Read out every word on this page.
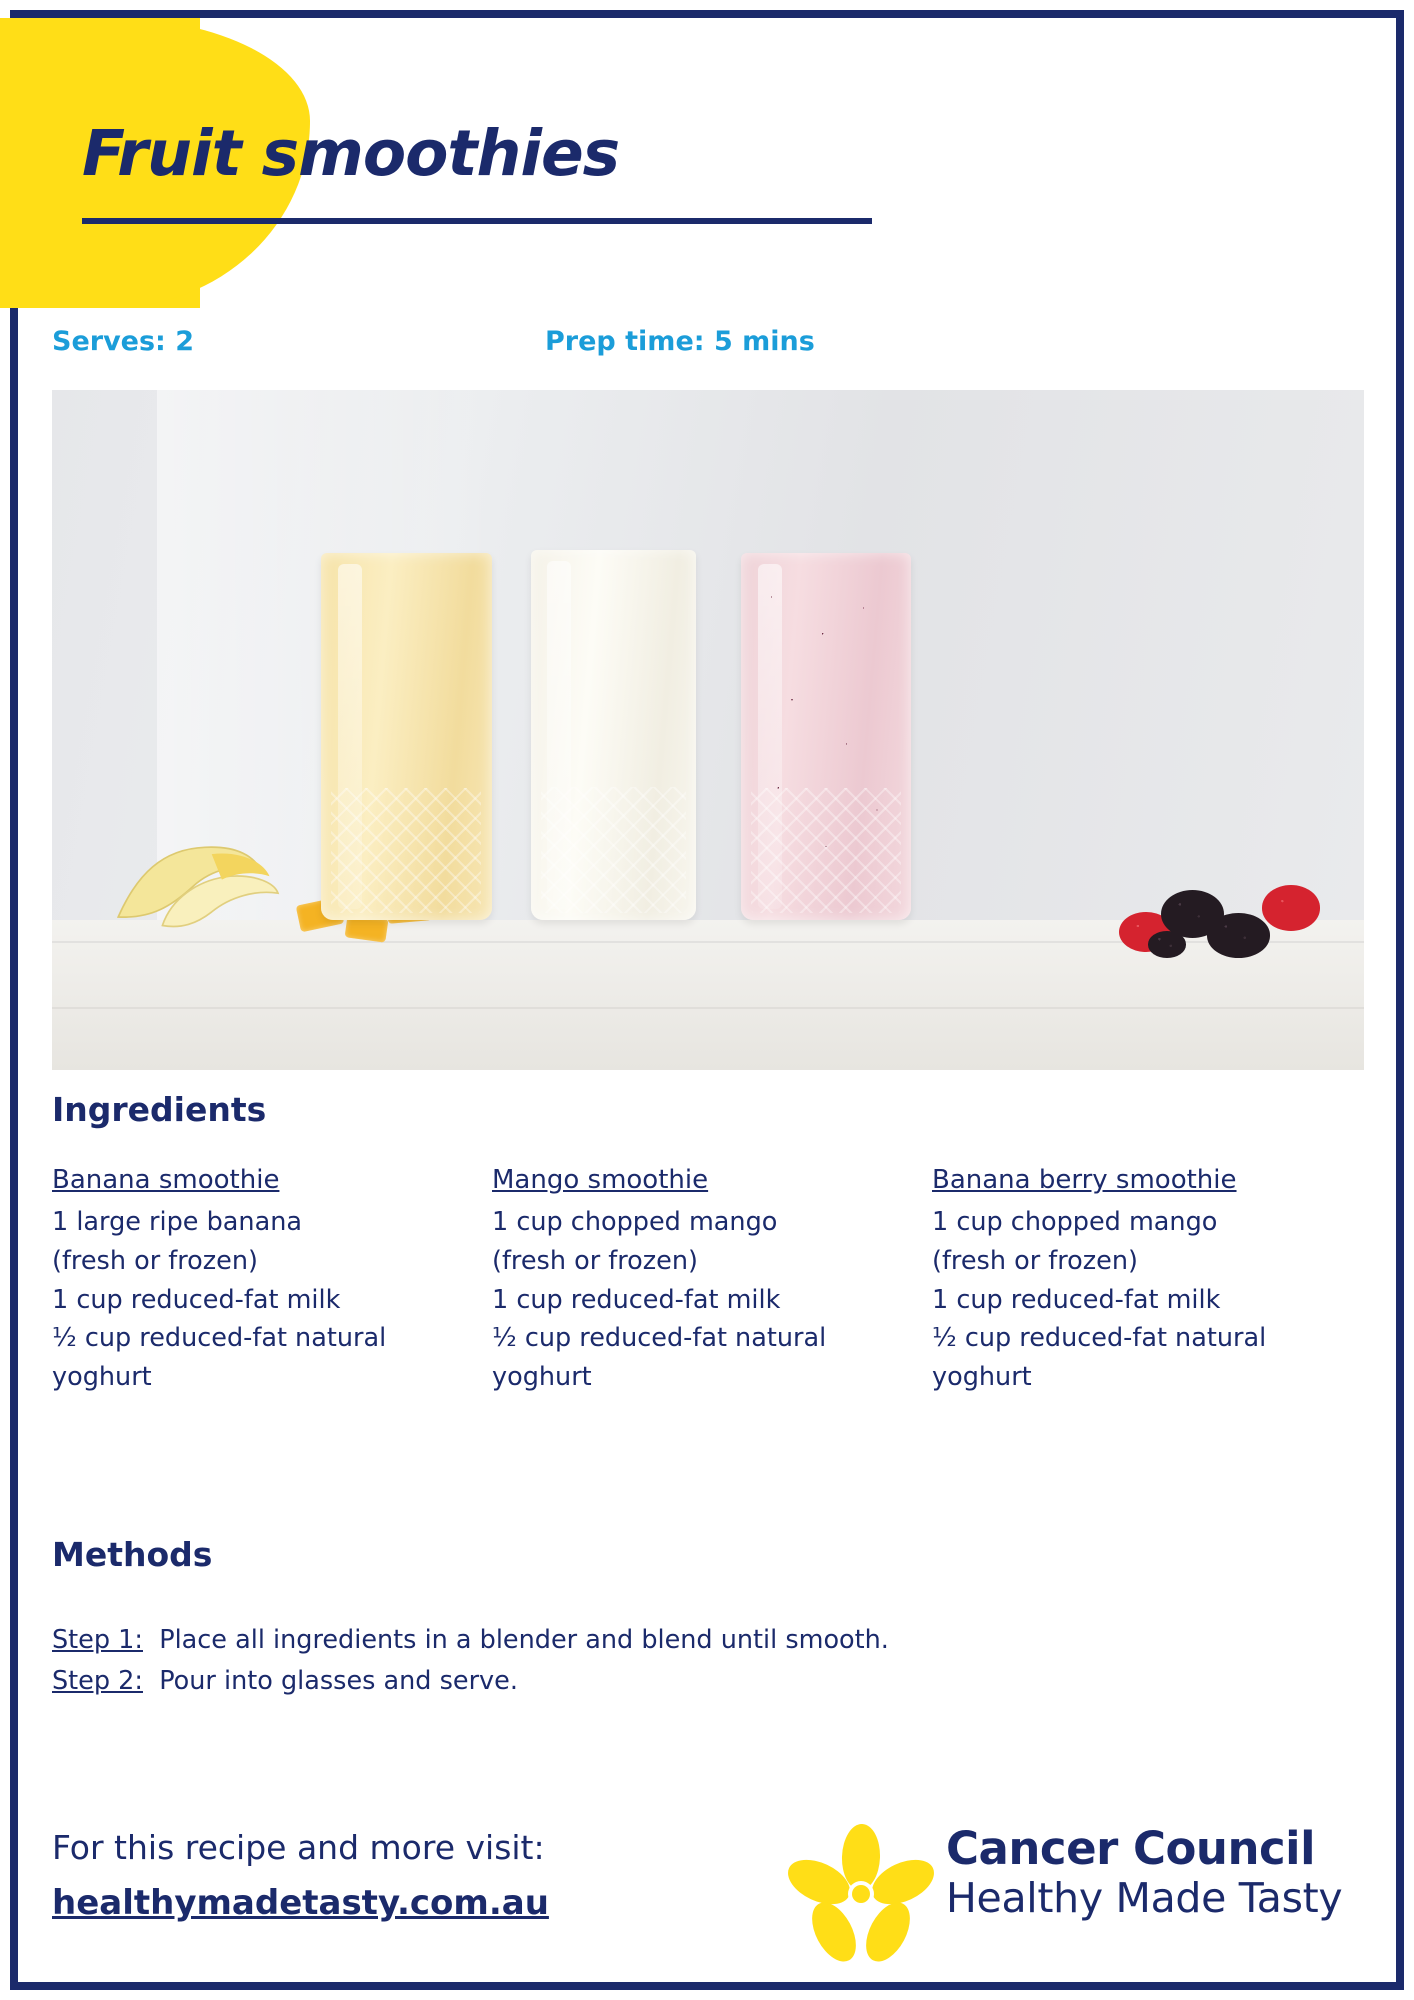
Fruit smoothies
Serves: 2	Prep time: 5 mins
Ingredients
Banana smoothie
1 large ripe banana
(fresh or frozen)
1 cup reduced-fat milk
½ cup reduced-fat natural
yoghurt
Mango smoothie
1 cup chopped mango
(fresh or frozen)
1 cup reduced-fat milk
½ cup reduced-fat natural
yoghurt
Banana berry smoothie
1 cup chopped mango
(fresh or frozen)
1 cup reduced-fat milk
½ cup reduced-fat natural
yoghurt
Methods
Step 1: Place all ingredients in a blender and blend until smooth.
Step 2: Pour into glasses and serve.
For this recipe and more visit:
healthymadetasty.com.au
Cancer Council
Healthy Made Tasty
